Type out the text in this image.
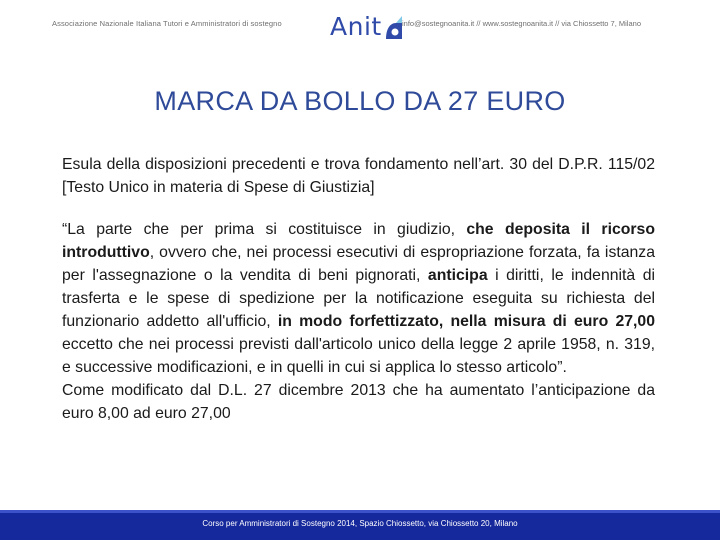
Associazione Nazionale Italiana Tutori e Amministratori di sostegno Anit	info@sostegnoanita.it // www.sostegnoanita.it // via Chiossetto 7, Milano
MARCA DA BOLLO DA 27 EURO

Esula della disposizioni precedenti e trova fondamento nell’art. 30 del D.P.R. 115/02 [Testo Unico in materia di Spese di Giustizia]

“La parte che per prima si costituisce in giudizio, che deposita il ricorso introduttivo, ovvero che, nei processi esecutivi di espropriazione forzata, fa istanza per l'assegnazione o la vendita di beni pignorati, anticipa i diritti, le indennità di trasferta e le spese di spedizione per la notificazione eseguita su richiesta del funzionario addetto all'ufficio, in modo forfettizzato, nella misura di euro 27,00 eccetto che nei processi previsti dall'articolo unico della legge 2 aprile 1958, n. 319, e successive modificazioni, e in quelli in cui si applica lo stesso articolo”.

Come modificato dal D.L. 27 dicembre 2013 che ha aumentato l’anticipazione da euro 8,00 ad euro 27,00

Corso per Amministratori di Sostegno 2014, Spazio Chiossetto, via Chiossetto 20, Milano
